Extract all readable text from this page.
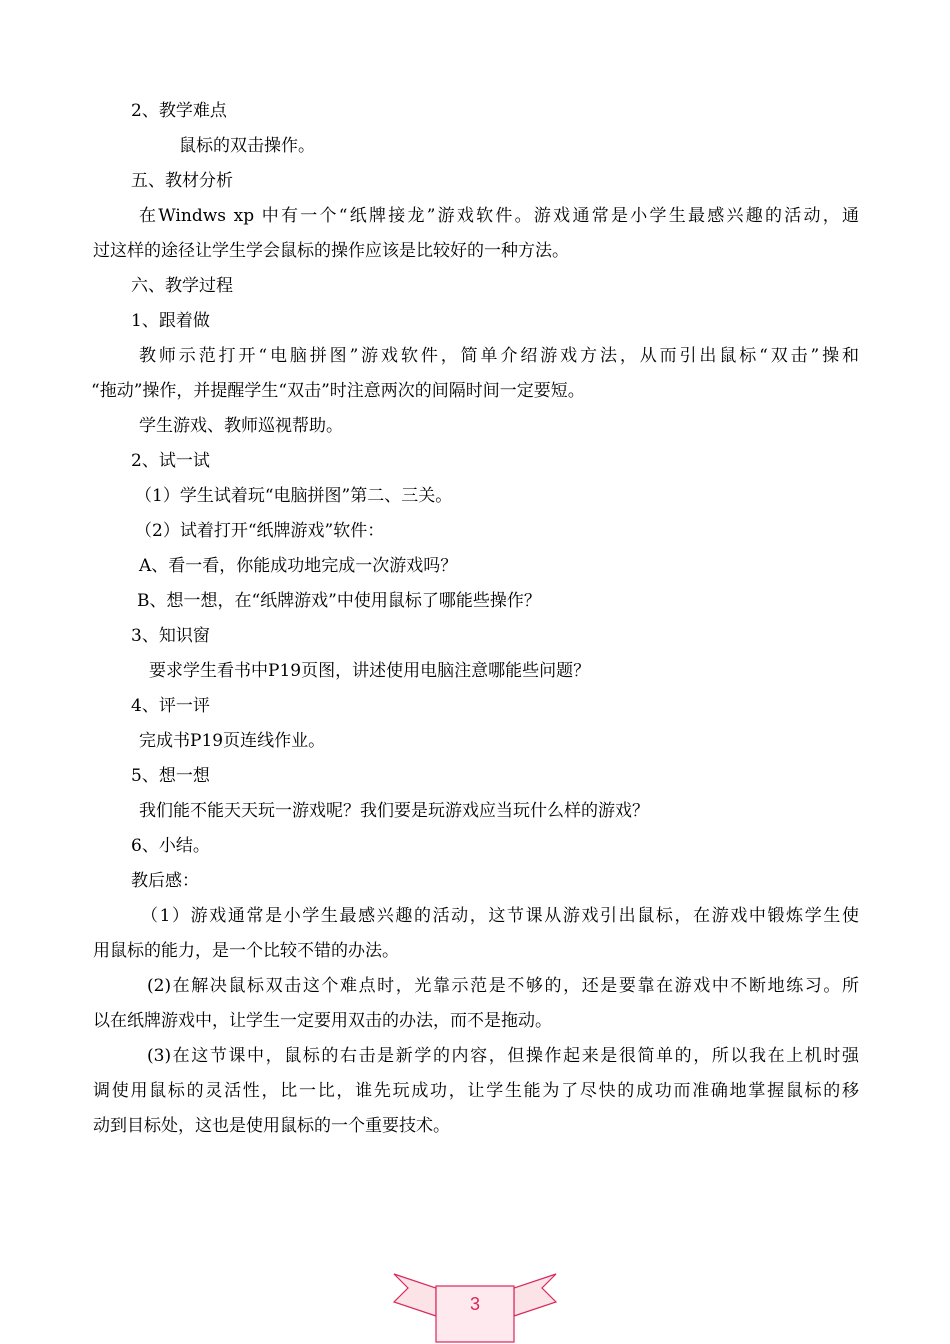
2、教学难点
鼠标的双击操作。
五、教材分析
在Windws xp 中有一个“纸牌接龙”游戏软件。游戏通常是小学生最感兴趣的活动，通
过这样的途径让学生学会鼠标的操作应该是比较好的一种方法。
六、教学过程
1、跟着做
教师示范打开“电脑拼图”游戏软件，简单介绍游戏方法，从而引出鼠标“双击”操和
“拖动”操作，并提醒学生“双击”时注意两次的间隔时间一定要短。
学生游戏、教师巡视帮助。
2、试一试
（1）学生试着玩“电脑拼图”第二、三关。
（2）试着打开“纸牌游戏”软件：
A、看一看，你能成功地完成一次游戏吗？
B、想一想，在“纸牌游戏”中使用鼠标了哪能些操作？
3、知识窗
要求学生看书中P19页图，讲述使用电脑注意哪能些问题？
4、评一评
完成书P19页连线作业。
5、想一想
我们能不能天天玩一游戏呢？我们要是玩游戏应当玩什么样的游戏？
6、小结。
教后感：
（1）游戏通常是小学生最感兴趣的活动，这节课从游戏引出鼠标，在游戏中锻炼学生使
用鼠标的能力，是一个比较不错的办法。
(2)在解决鼠标双击这个难点时，光靠示范是不够的，还是要靠在游戏中不断地练习。所
以在纸牌游戏中，让学生一定要用双击的办法，而不是拖动。
(3)在这节课中，鼠标的右击是新学的内容，但操作起来是很简单的，所以我在上机时强
调使用鼠标的灵活性，比一比，谁先玩成功，让学生能为了尽快的成功而准确地掌握鼠标的移
动到目标处，这也是使用鼠标的一个重要技术。
3
